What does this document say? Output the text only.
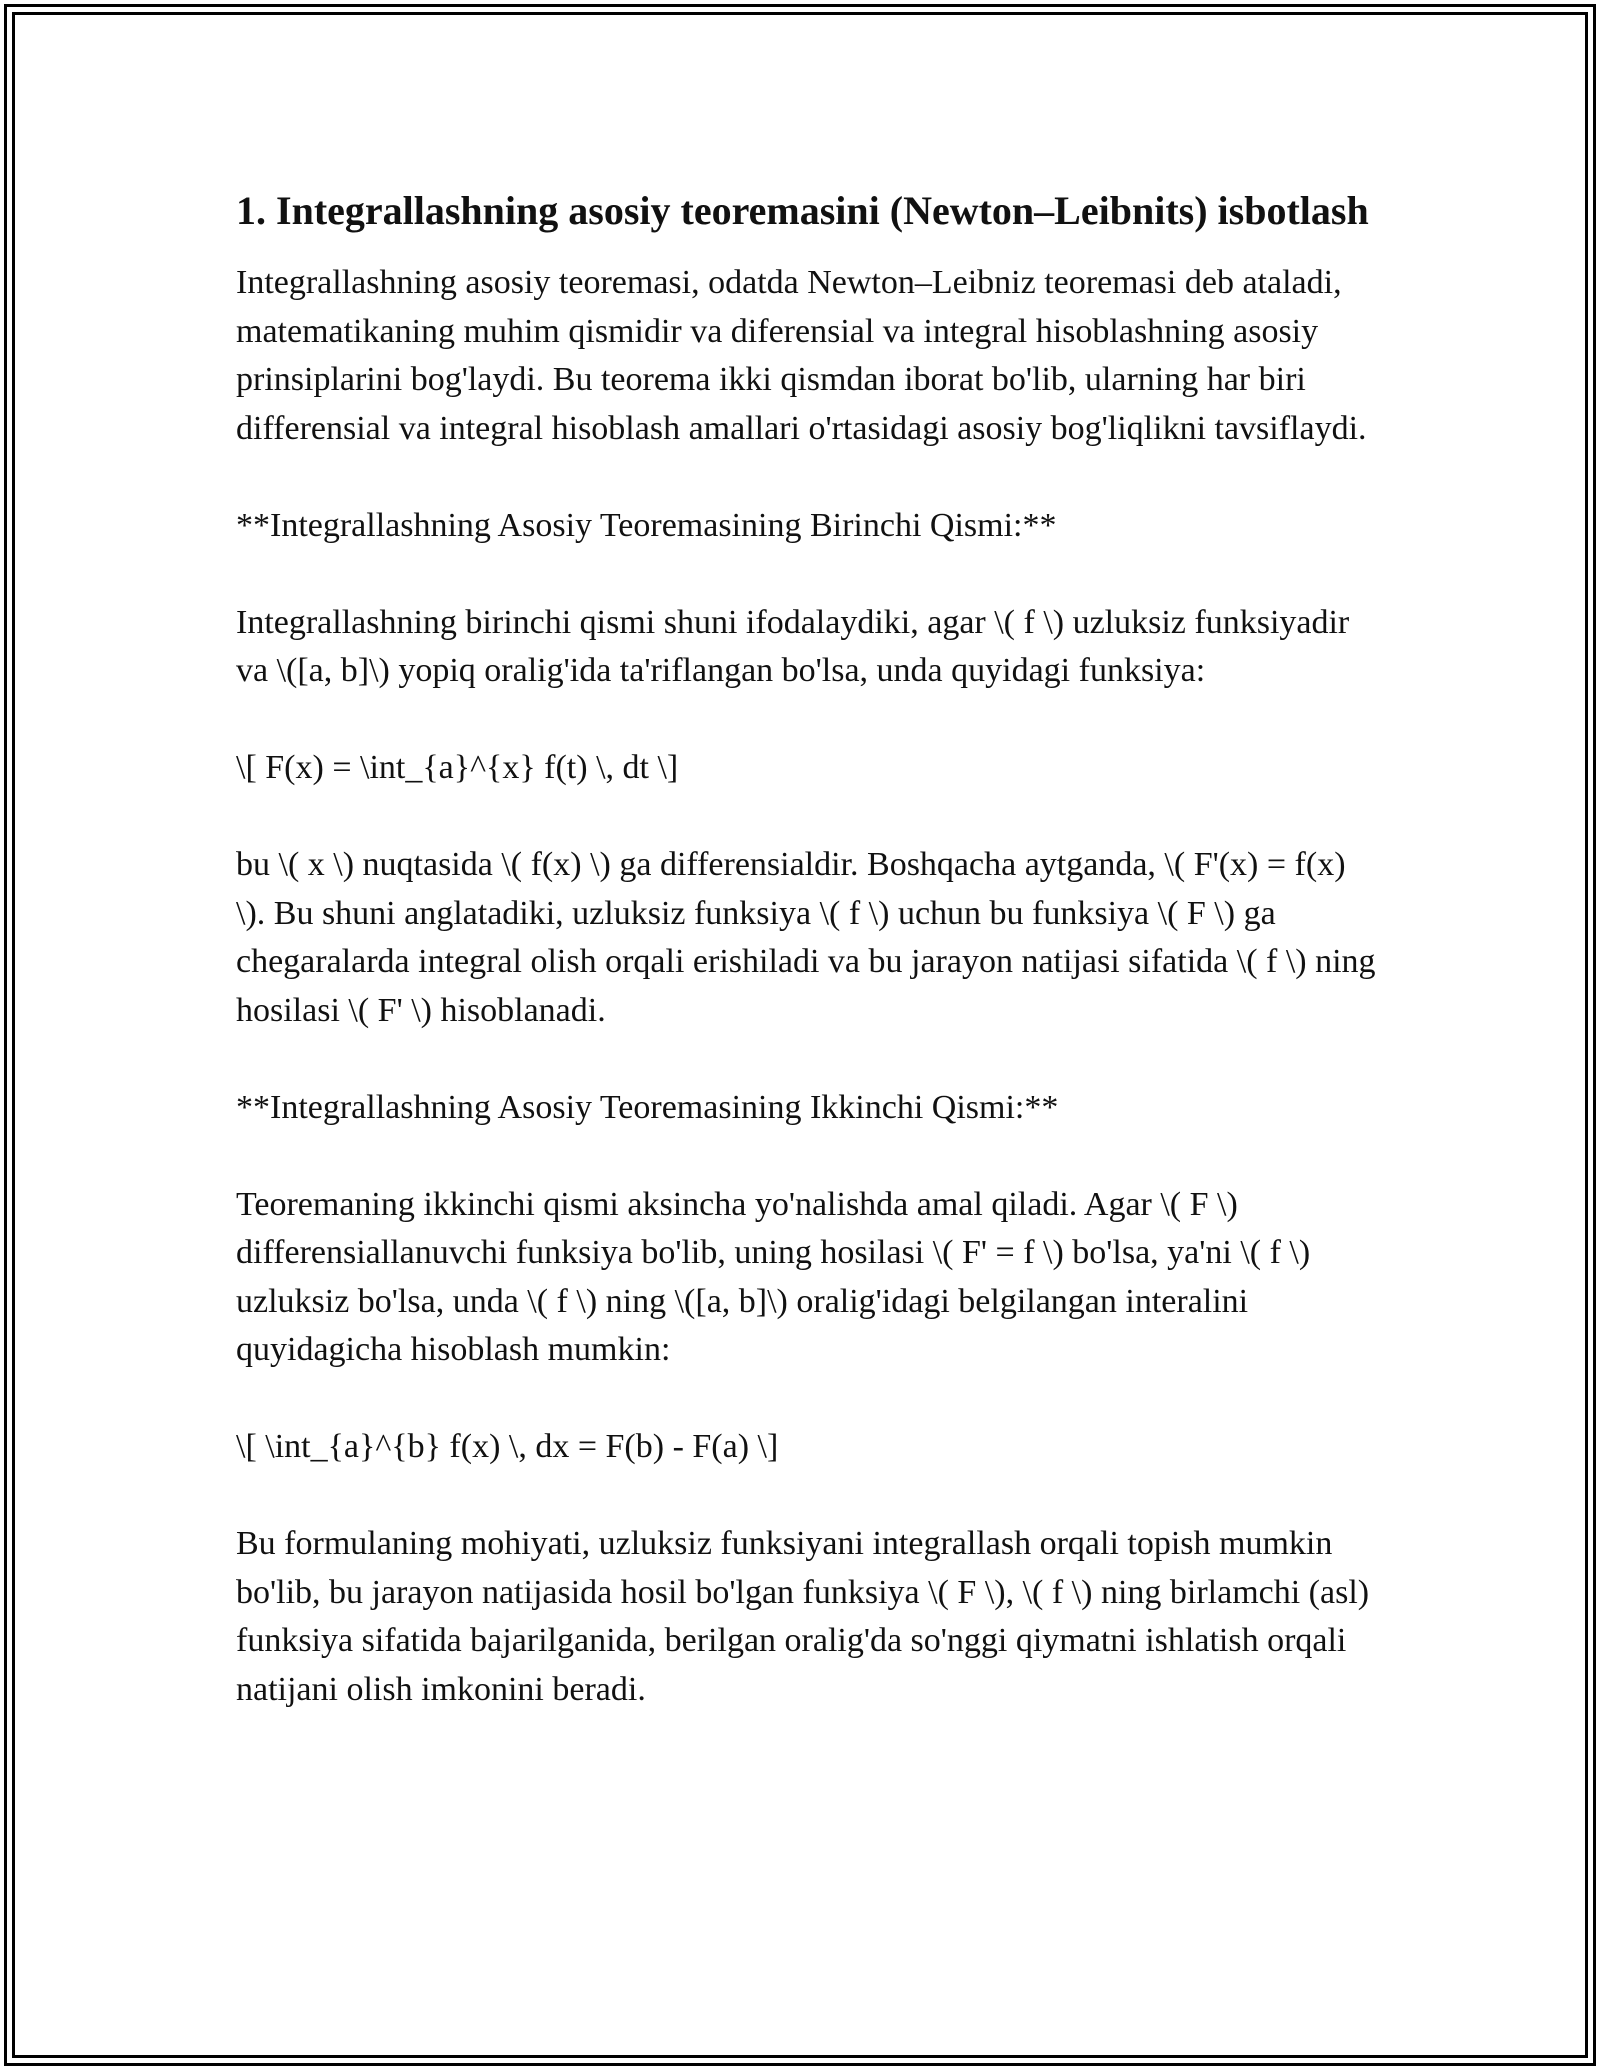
1. Integrallashning asosiy teoremasini (Newton–Leibnits) isbotlash

Integrallashning asosiy teoremasi, odatda Newton–Leibniz teoremasi deb ataladi, matematikaning muhim qismidir va diferensial va integral hisoblashning asosiy prinsiplarini bog'laydi. Bu teorema ikki qismdan iborat bo'lib, ularning har biri differensial va integral hisoblash amallari o'rtasidagi asosiy bog'liqlikni tavsiflaydi.

**Integrallashning Asosiy Teoremasining Birinchi Qismi:**

Integrallashning birinchi qismi shuni ifodalaydiki, agar \( f \) uzluksiz funksiyadir va \([a, b]\) yopiq oralig'ida ta'riflangan bo'lsa, unda quyidagi funksiya:

\[ F(x) = \int_{a}^{x} f(t) \, dt \]

bu \( x \) nuqtasida \( f(x) \) ga differensialdir. Boshqacha aytganda, \( F'(x) = f(x) \). Bu shuni anglatadiki, uzluksiz funksiya \( f \) uchun bu funksiya \( F \) ga chegaralarda integral olish orqali erishiladi va bu jarayon natijasi sifatida \( f \) ning hosilasi \( F' \) hisoblanadi.

**Integrallashning Asosiy Teoremasining Ikkinchi Qismi:**

Teoremaning ikkinchi qismi aksincha yo'nalishda amal qiladi. Agar \( F \) differensiallanuvchi funksiya bo'lib, uning hosilasi \( F' = f \) bo'lsa, ya'ni \( f \) uzluksiz bo'lsa, unda \( f \) ning \([a, b]\) oralig'idagi belgilangan interalini quyidagicha hisoblash mumkin:

\[ \int_{a}^{b} f(x) \, dx = F(b) - F(a) \]

Bu formulaning mohiyati, uzluksiz funksiyani integrallash orqali topish mumkin bo'lib, bu jarayon natijasida hosil bo'lgan funksiya \( F \), \( f \) ning birlamchi (asl) funksiya sifatida bajarilganida, berilgan oralig'da so'nggi qiymatni ishlatish orqali natijani olish imkonini beradi.
